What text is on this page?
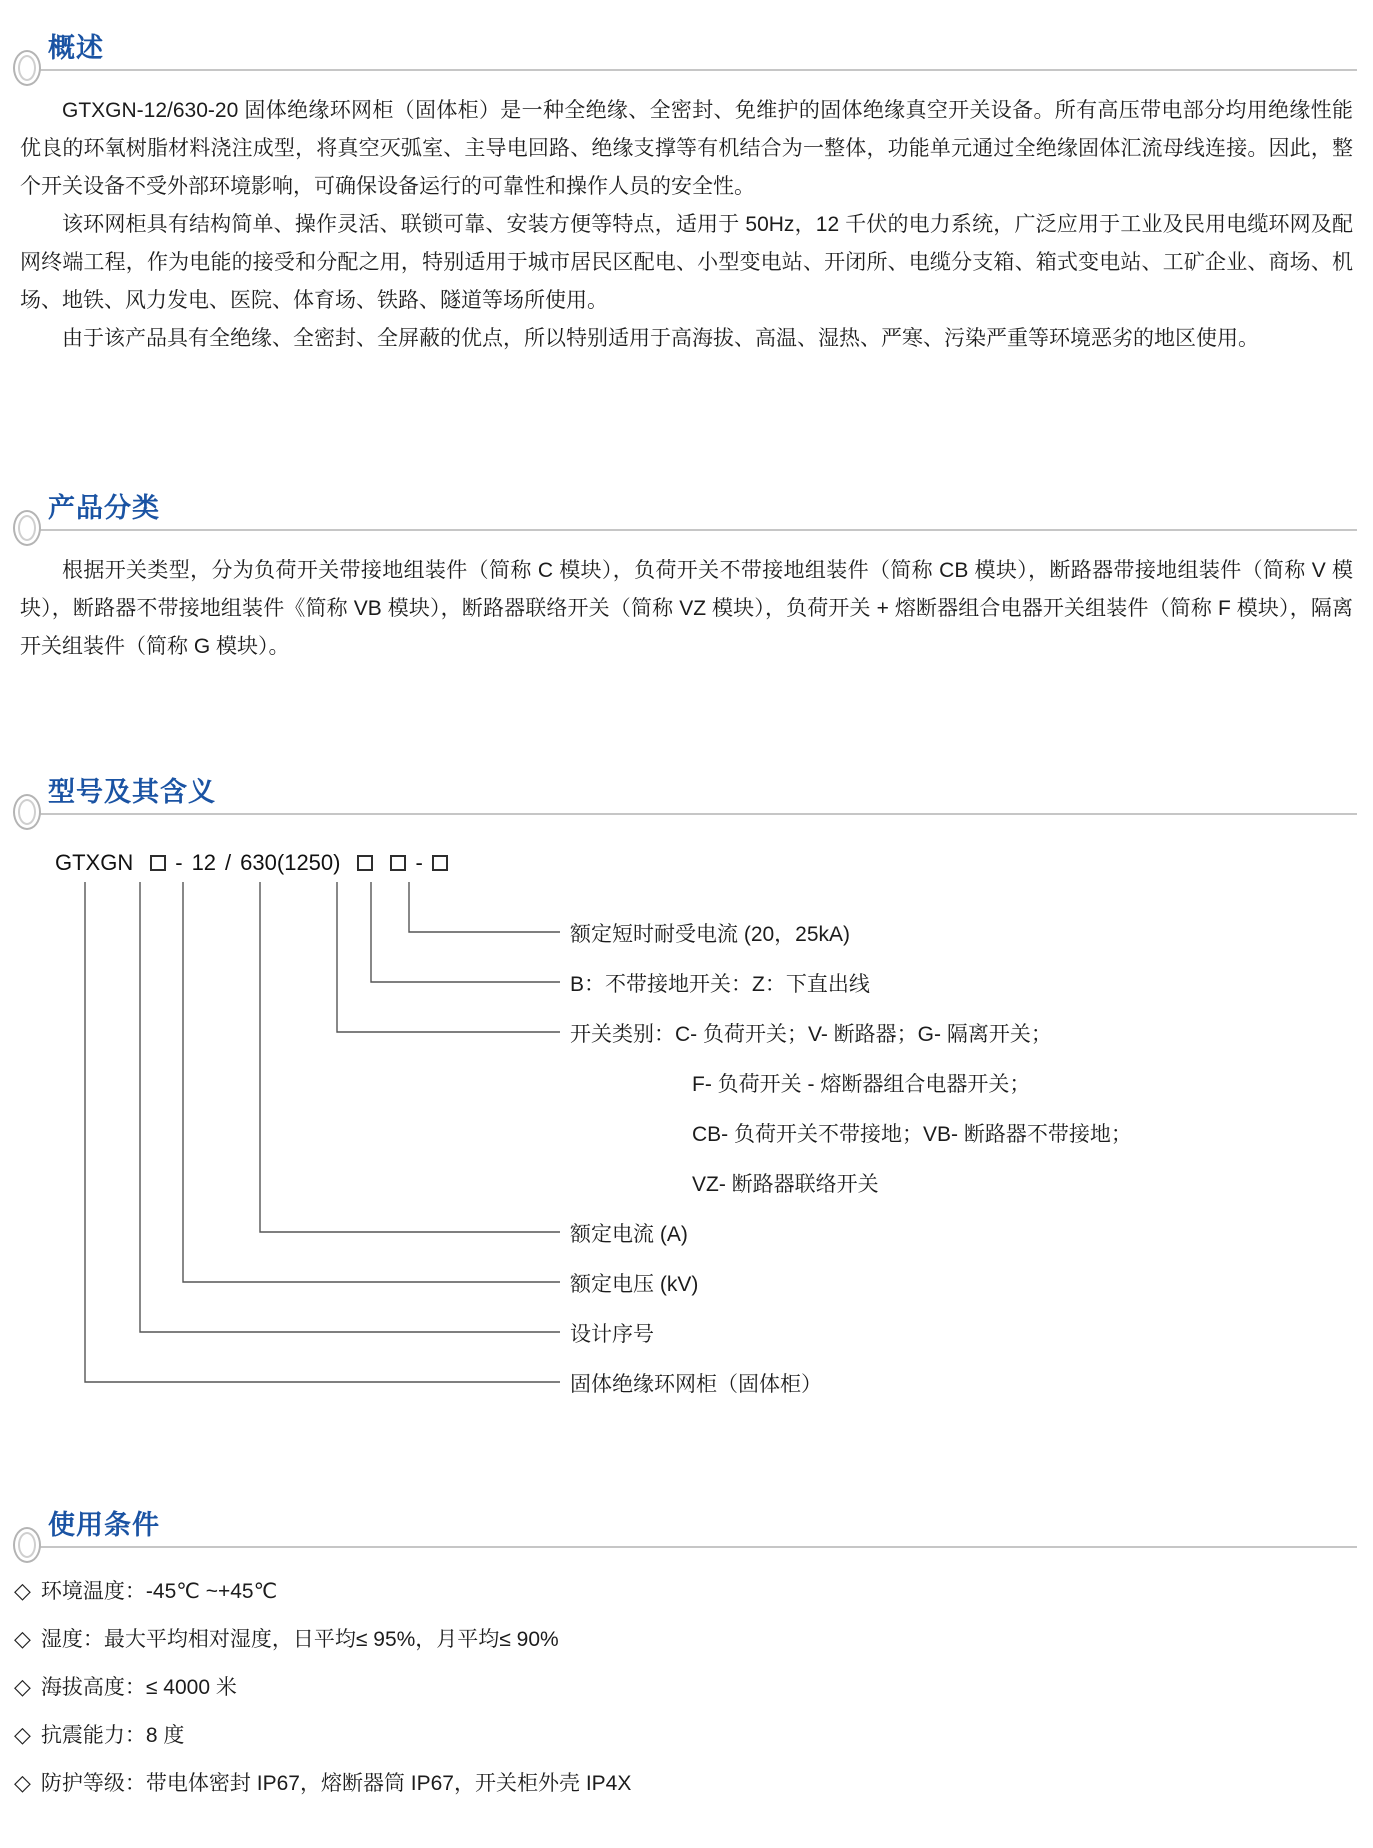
概述

GTXGN-12/630-20 固体绝缘环网柜（固体柜）是一种全绝缘、全密封、免维护的固体绝缘真空开关设备。所有高压带电部分均用绝缘性能优良的环氧树脂材料浇注成型，将真空灭弧室、主导电回路、绝缘支撑等有机结合为一整体，功能单元通过全绝缘固体汇流母线连接。因此，整个开关设备不受外部环境影响，可确保设备运行的可靠性和操作人员的安全性。

该环网柜具有结构简单、操作灵活、联锁可靠、安装方便等特点，适用于 50Hz，12 千伏的电力系统，广泛应用于工业及民用电缆环网及配网终端工程，作为电能的接受和分配之用，特别适用于城市居民区配电、小型变电站、开闭所、电缆分支箱、箱式变电站、工矿企业、商场、机场、地铁、风力发电、医院、体育场、铁路、隧道等场所使用。

由于该产品具有全绝缘、全密封、全屏蔽的优点，所以特别适用于高海拔、高温、湿热、严寒、污染严重等环境恶劣的地区使用。

产品分类

根据开关类型，分为负荷开关带接地组装件（简称 C 模块），负荷开关不带接地组装件（简称 CB 模块），断路器带接地组装件（简称 V 模块），断路器不带接地组装件《简称 VB 模块），断路器联络开关（简称 VZ 模块），负荷开关 + 熔断器组合电器开关组装件（简称 F 模块），隔离开关组装件（简称 G 模块）。

型号及其含义
GTXGN - 12 / 630(1250)	-
额定短时耐受电流 (20，25kA)
B：不带接地开关：Z：下直出线
开关类别：C- 负荷开关；V- 断路器；G- 隔离开关；
F- 负荷开关 - 熔断器组合电器开关；
CB- 负荷开关不带接地；VB- 断路器不带接地；
VZ- 断路器联络开关
额定电流 (A)
额定电压 (kV)
设计序号
固体绝缘环网柜（固体柜）
使用条件
◇ 环境温度：-45℃ ~+45℃
◇ 湿度：最大平均相对湿度，日平均≤ 95%，月平均≤ 90%
◇ 海拔高度：≤ 4000 米
◇ 抗震能力：8 度
◇ 防护等级：带电体密封 IP67，熔断器筒 IP67，开关柜外壳 IP4X
